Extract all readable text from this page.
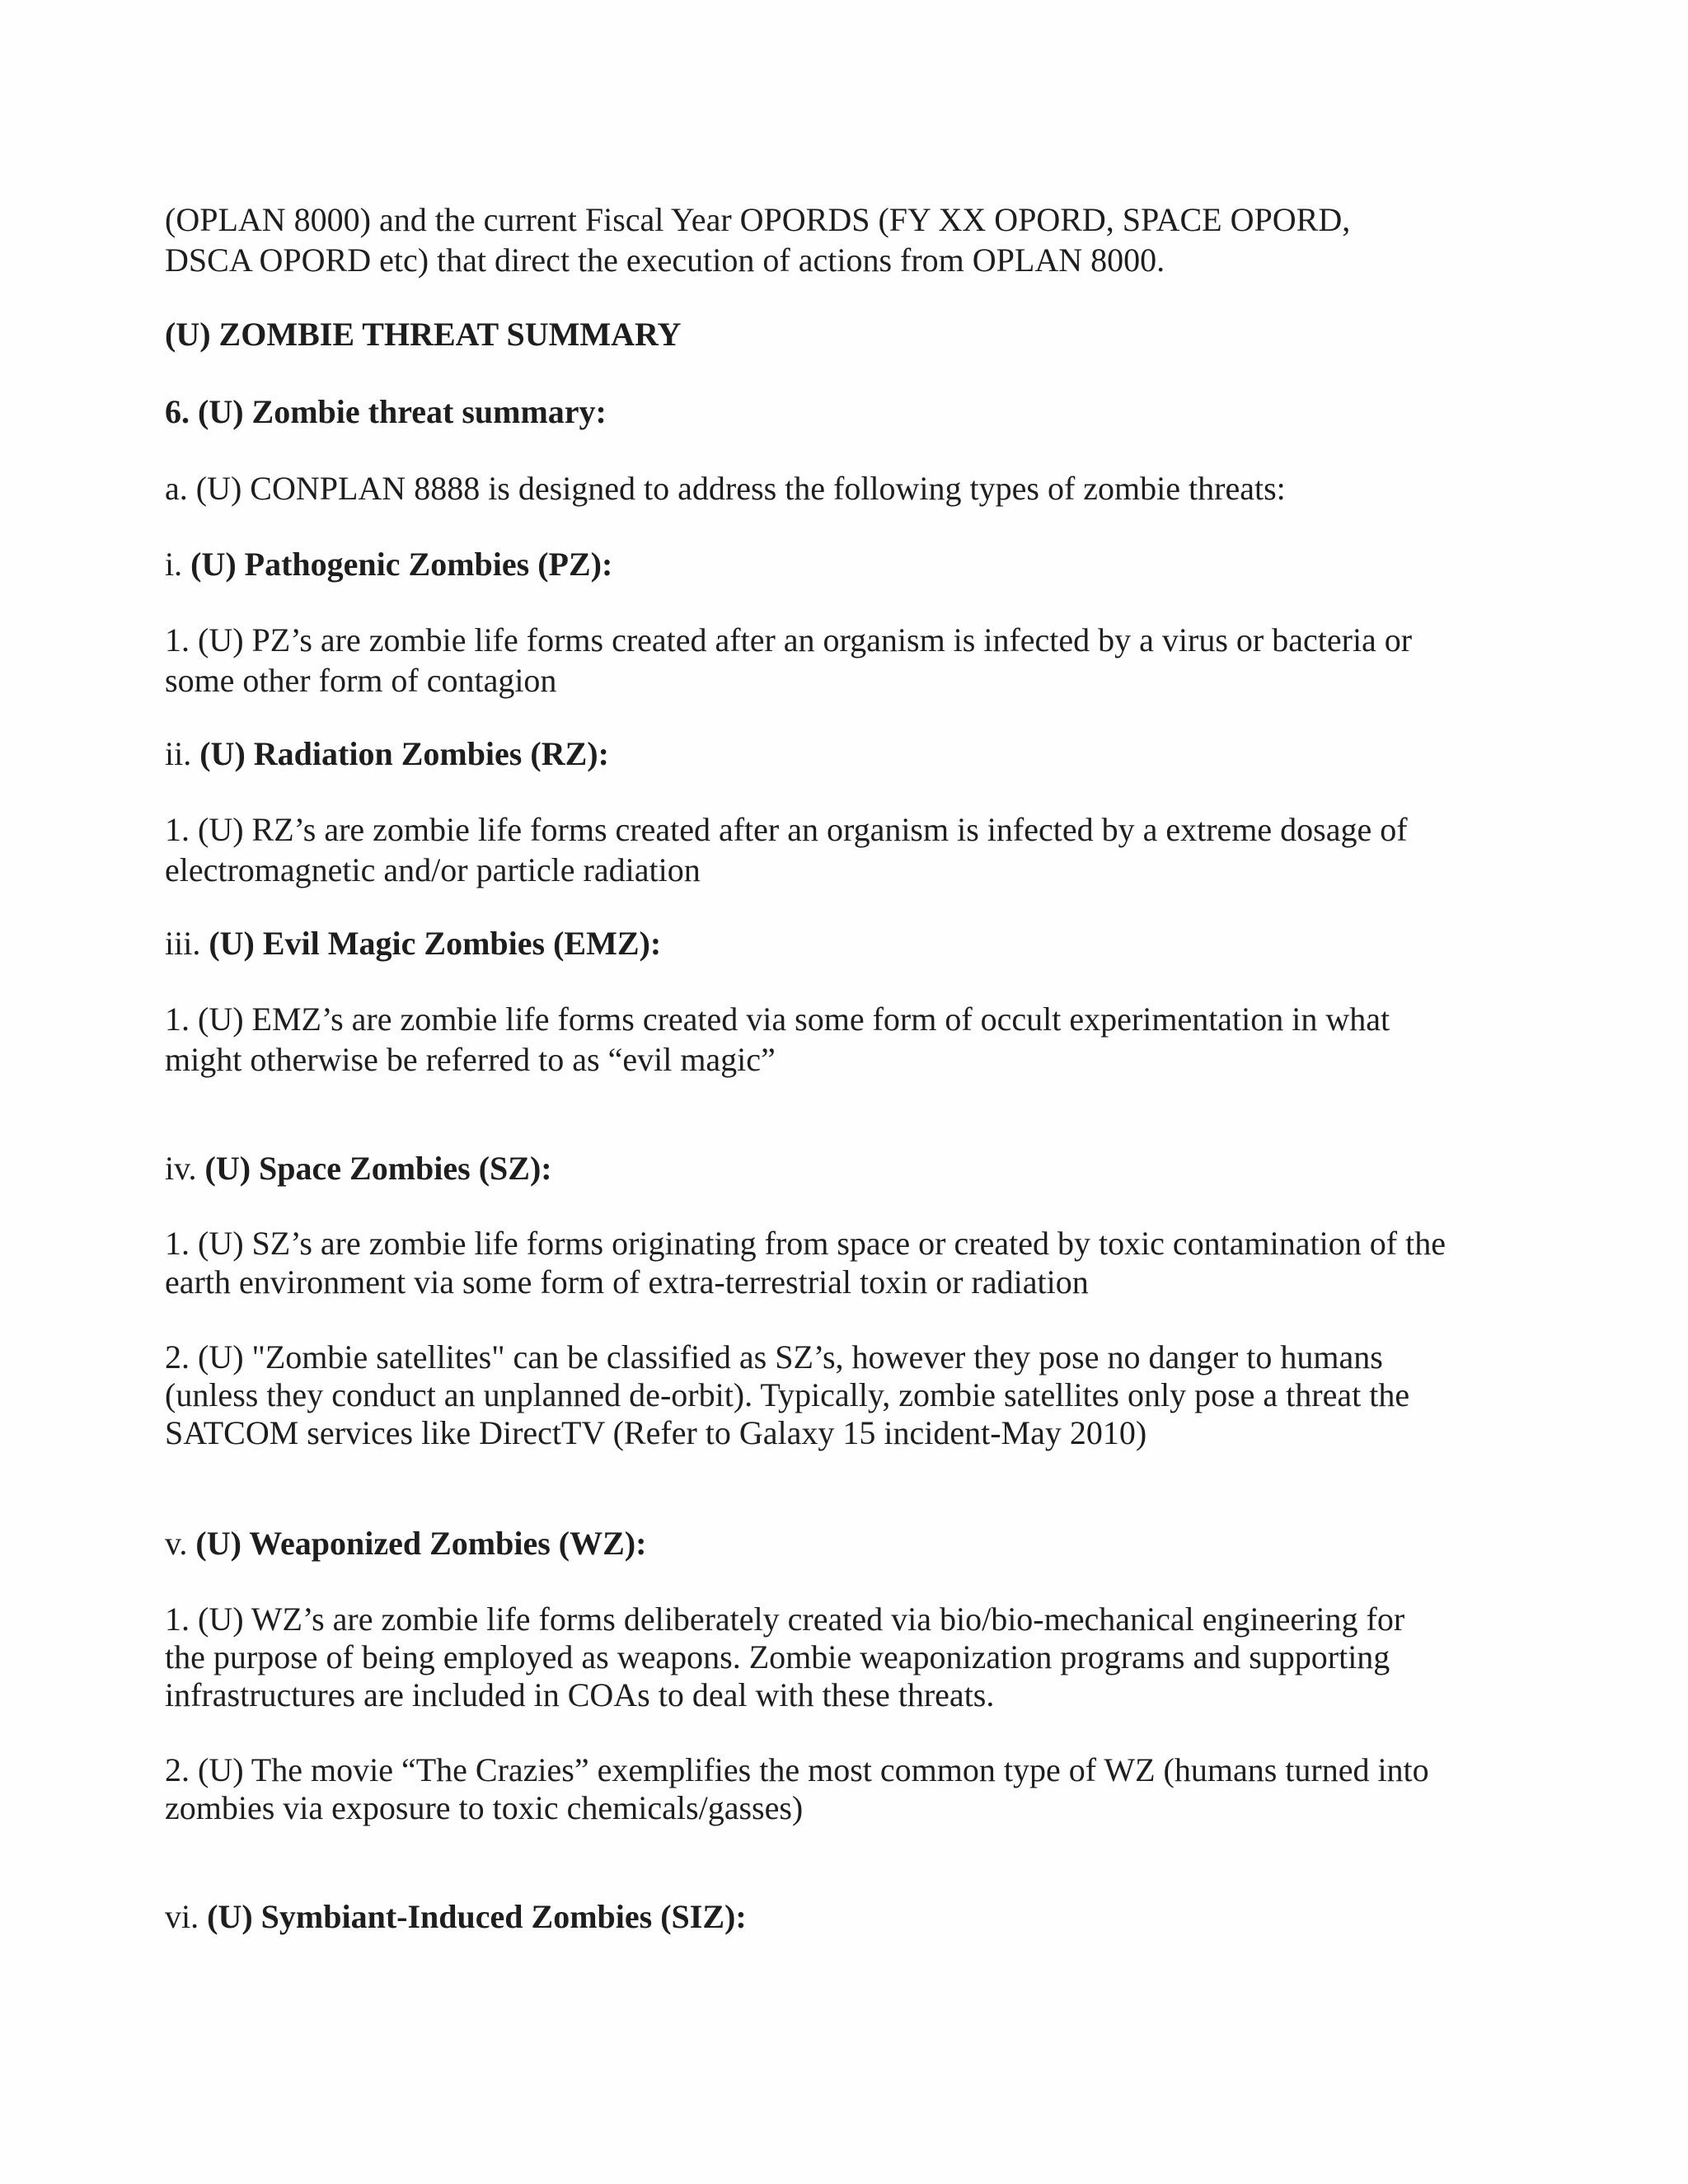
(OPLAN 8000) and the current Fiscal Year OPORDS (FY XX OPORD, SPACE OPORD,
DSCA OPORD etc) that direct the execution of actions from OPLAN 8000.
(U) ZOMBIE THREAT SUMMARY
6. (U) Zombie threat summary:
a. (U) CONPLAN 8888 is designed to address the following types of zombie threats:
i. (U) Pathogenic Zombies (PZ):
1. (U) PZ’s are zombie life forms created after an organism is infected by a virus or bacteria or
some other form of contagion
ii. (U) Radiation Zombies (RZ):
1. (U) RZ’s are zombie life forms created after an organism is infected by a extreme dosage of
electromagnetic and/or particle radiation
iii. (U) Evil Magic Zombies (EMZ):
1. (U) EMZ’s are zombie life forms created via some form of occult experimentation in what
might otherwise be referred to as “evil magic”
iv. (U) Space Zombies (SZ):
1. (U) SZ’s are zombie life forms originating from space or created by toxic contamination of the
earth environment via some form of extra-terrestrial toxin or radiation
2. (U) "Zombie satellites" can be classified as SZ’s, however they pose no danger to humans
(unless they conduct an unplanned de-orbit). Typically, zombie satellites only pose a threat the
SATCOM services like DirectTV (Refer to Galaxy 15 incident-May 2010)
v. (U) Weaponized Zombies (WZ):
1. (U) WZ’s are zombie life forms deliberately created via bio/bio-mechanical engineering for
the purpose of being employed as weapons. Zombie weaponization programs and supporting
infrastructures are included in COAs to deal with these threats.
2. (U) The movie “The Crazies” exemplifies the most common type of WZ (humans turned into
zombies via exposure to toxic chemicals/gasses)
vi. (U) Symbiant-Induced Zombies (SIZ):
